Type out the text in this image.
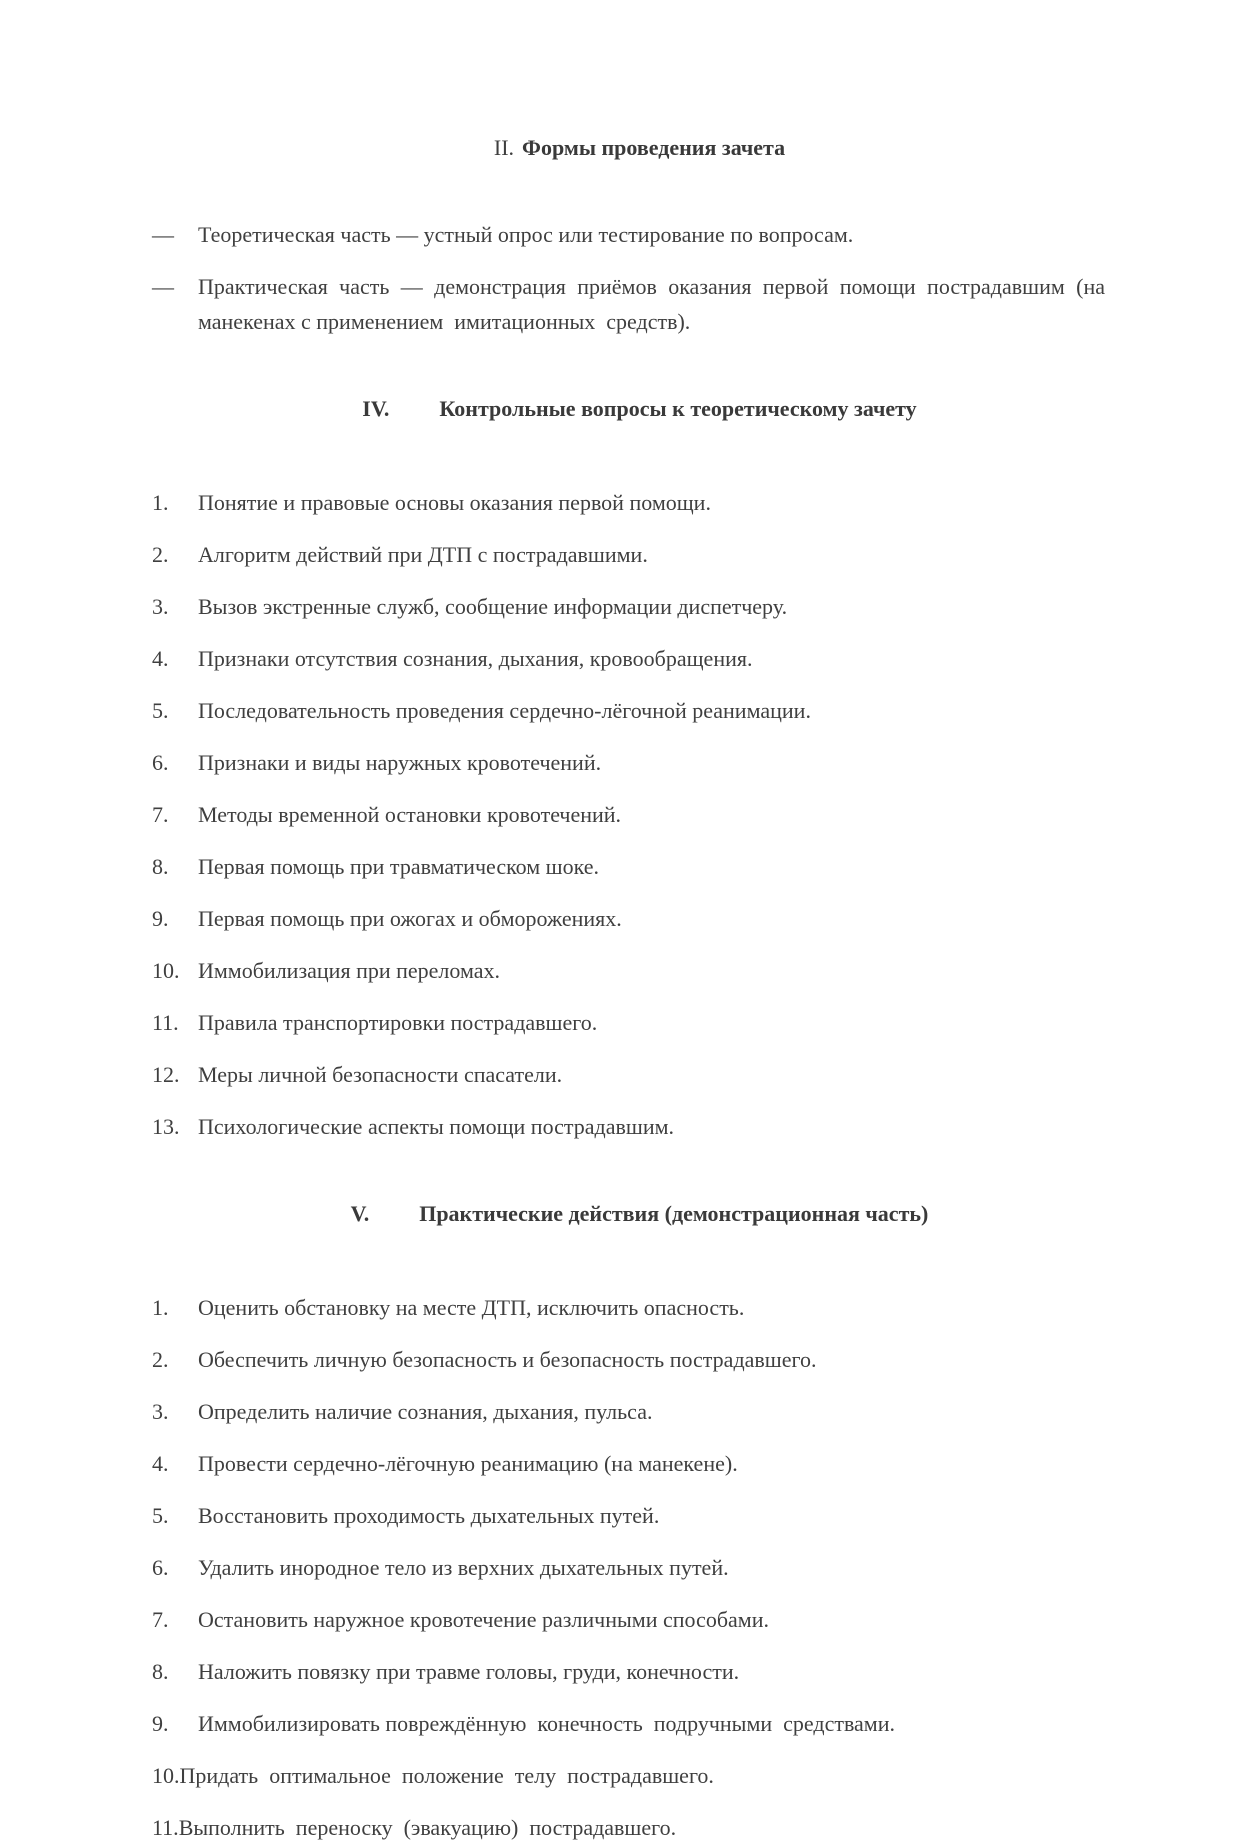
II. Формы проведения зачета

—	Теоретическая часть — устный опрос или тестирование по вопросам.
—	Практическая часть — демонстрация приёмов оказания первой помощи пострадавшим (на манекенах с применением  имитационных  средств).

IV. Контрольные вопросы к теоретическому зачету

1.	Понятие и правовые основы оказания первой помощи.
2.	Алгоритм действий при ДТП с пострадавшими.
3.	Вызов экстренные служб, сообщение информации диспетчеру.
4.	Признаки отсутствия сознания, дыхания, кровообращения.
5.	Последовательность проведения сердечно-лёгочной реанимации.
6.	Признаки и виды наружных кровотечений.
7.	Методы временной остановки кровотечений.
8.	Первая помощь при травматическом шоке.
9.	Первая помощь при ожогах и обморожениях.
10. Иммобилизация при переломах.
11. Правила транспортировки пострадавшего.
12. Меры личной безопасности спасатели.
13. Психологические аспекты помощи пострадавшим.

V. Практические действия (демонстрационная часть)

1.	Оценить обстановку на месте ДТП, исключить опасность.
2.	Обеспечить личную безопасность и безопасность пострадавшего.
3.	Определить наличие сознания, дыхания, пульса.
4.	Провести сердечно-лёгочную реанимацию (на манекене).
5.	Восстановить проходимость дыхательных путей.
6.	Удалить инородное тело из верхних дыхательных путей.
7.	Остановить наружное кровотечение различными способами.
8.	Наложить повязку при травме головы, груди, конечности.
9.	Иммобилизировать повреждённую  конечность  подручными  средствами.
10. Придать  оптимальное  положение  телу  пострадавшего.
11. Выполнить  переноску  (эвакуацию)  пострадавшего.
